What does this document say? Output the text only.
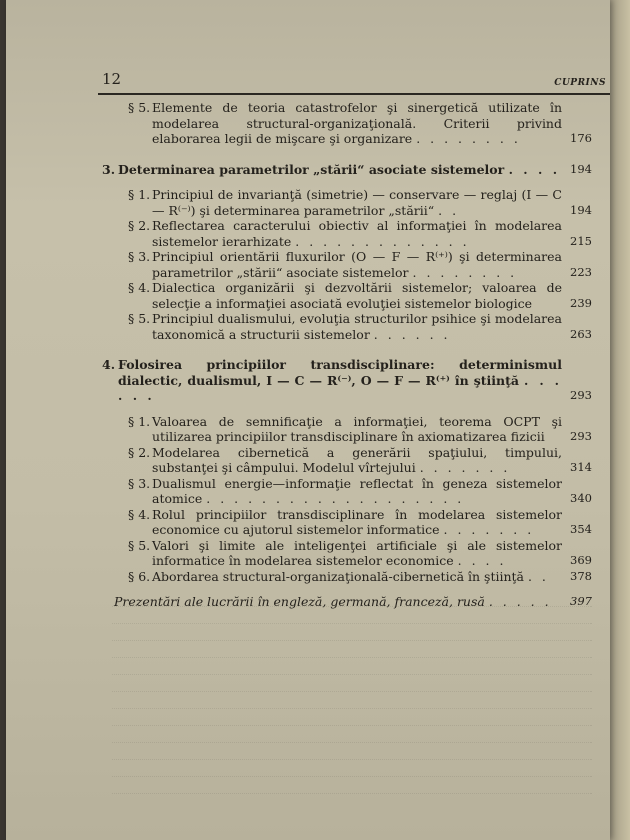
12	CUPRINS
§ 5. Elemente de teoria catastrofelor şi sinergetică utilizate în modelarea structural-organizaţională. Criterii privind elaborarea legii de mişcare şi organizare . . . . . . . .	176
3. Determinarea parametrilor „stării“ asociate sistemelor . . . . 194
§ 1. Principiul de invarianţă (simetrie) — conservare — reglaj (I — C — R⁽⁻⁾) şi determinarea parametrilor „stării“ . .	194
§ 2. Reflectarea caracterului obiectiv al informaţiei în modelarea sistemelor ierarhizate . . . . . . . . . . . . .	215
§ 3. Principiul orientării fluxurilor (O — F — R⁽⁺⁾) şi determinarea parametrilor „stării“ asociate sistemelor . . . . . . . .	223
§ 4. Dialectica organizării şi dezvoltării sistemelor; valoarea de selecţie a informaţiei asociată evoluţiei sistemelor biologice	239
§ 5. Principiul dualismului, evoluţia structurilor psihice şi modelarea taxonomică a structurii sistemelor . . . . . .	263
4. Folosirea principiilor transdisciplinare: determinismul dialectic, dualismul, I — C — R⁽⁻⁾, O — F — R⁽⁺⁾ în ştiinţă . . . . . .	293
§ 1. Valoarea de semnificaţie a informaţiei, teorema OCPT şi utilizarea principiilor transdisciplinare în axiomatizarea fizicii	293
§ 2. Modelarea cibernetică a generării spaţiului, timpului, substanţei şi câmpului. Modelul vîrtejului . . . . . . .	314
§ 3. Dualismul energie—informaţie reflectat în geneza sistemelor atomice . . . . . . . . . . . . . . . . . . .	340
§ 4. Rolul principiilor transdisciplinare în modelarea sistemelor economice cu ajutorul sistemelor informatice . . . . . . .	354
§ 5. Valori şi limite ale inteligenţei artificiale şi ale sistemelor informatice în modelarea sistemelor economice . . . .	369
§ 6. Abordarea structural-organizaţională-cibernetică în ştiinţă . .	378
Prezentări ale lucrării în engleză, germană, franceză, rusă . . . . .	397
